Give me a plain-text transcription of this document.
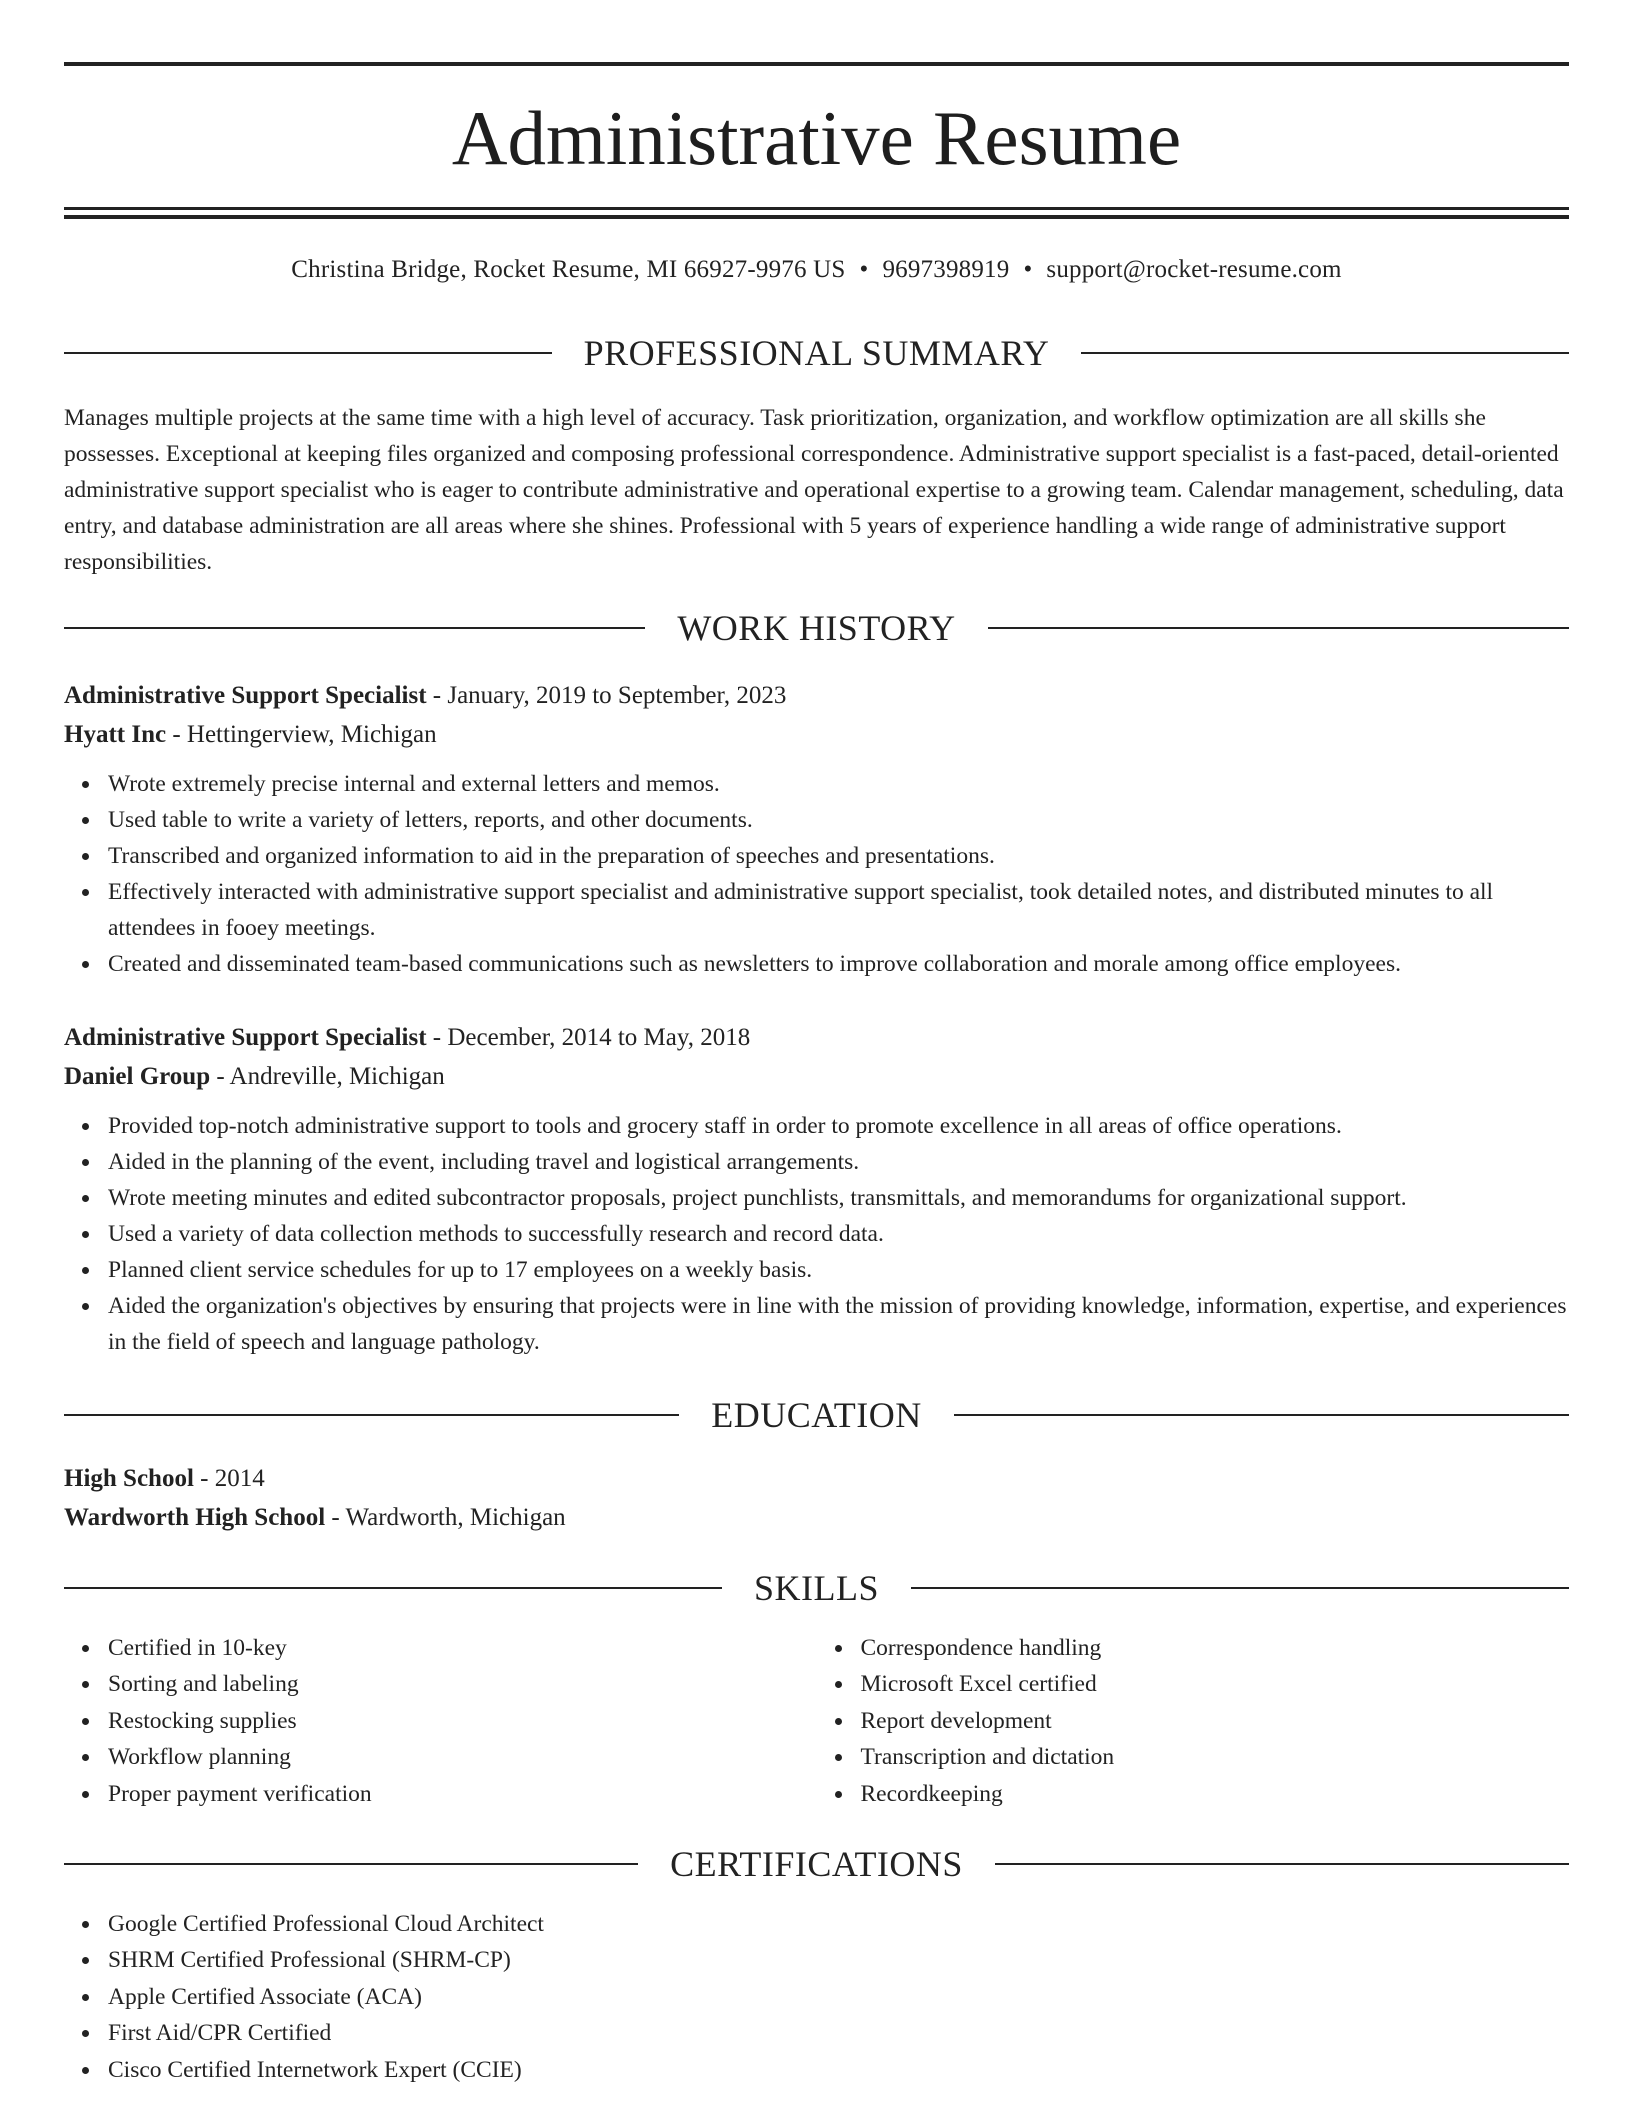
Administrative Resume
Christina Bridge, Rocket Resume, MI 66927-9976 US • 9697398919 • support@rocket-resume.com
PROFESSIONAL SUMMARY

Manages multiple projects at the same time with a high level of accuracy. Task prioritization, organization, and workflow optimization are all skills she possesses. Exceptional at keeping files organized and composing professional correspondence. Administrative support specialist is a fast-paced, detail-oriented administrative support specialist who is eager to contribute administrative and operational expertise to a growing team. Calendar management, scheduling, data entry, and database administration are all areas where she shines. Professional with 5 years of experience handling a wide range of administrative support responsibilities.

WORK HISTORY
Administrative Support Specialist - January, 2019 to September, 2023
Hyatt Inc - Hettingerview, Michigan
Wrote extremely precise internal and external letters and memos.
Used table to write a variety of letters, reports, and other documents.
Transcribed and organized information to aid in the preparation of speeches and presentations.
Effectively interacted with administrative support specialist and administrative support specialist, took detailed notes, and distributed minutes to all attendees in fooey meetings.
Created and disseminated team-based communications such as newsletters to improve collaboration and morale among office employees.
Administrative Support Specialist - December, 2014 to May, 2018
Daniel Group - Andreville, Michigan
Provided top-notch administrative support to tools and grocery staff in order to promote excellence in all areas of office operations.
Aided in the planning of the event, including travel and logistical arrangements.
Wrote meeting minutes and edited subcontractor proposals, project punchlists, transmittals, and memorandums for organizational support.
Used a variety of data collection methods to successfully research and record data.
Planned client service schedules for up to 17 employees on a weekly basis.
Aided the organization's objectives by ensuring that projects were in line with the mission of providing knowledge, information, expertise, and experiences in the field of speech and language pathology.
EDUCATION
High School - 2014
Wardworth High School - Wardworth, Michigan
SKILLS
Certified in 10-key
Sorting and labeling
Restocking supplies
Workflow planning
Proper payment verification
Correspondence handling
Microsoft Excel certified
Report development
Transcription and dictation
Recordkeeping
CERTIFICATIONS
Google Certified Professional Cloud Architect
SHRM Certified Professional (SHRM-CP)
Apple Certified Associate (ACA)
First Aid/CPR Certified
Cisco Certified Internetwork Expert (CCIE)
